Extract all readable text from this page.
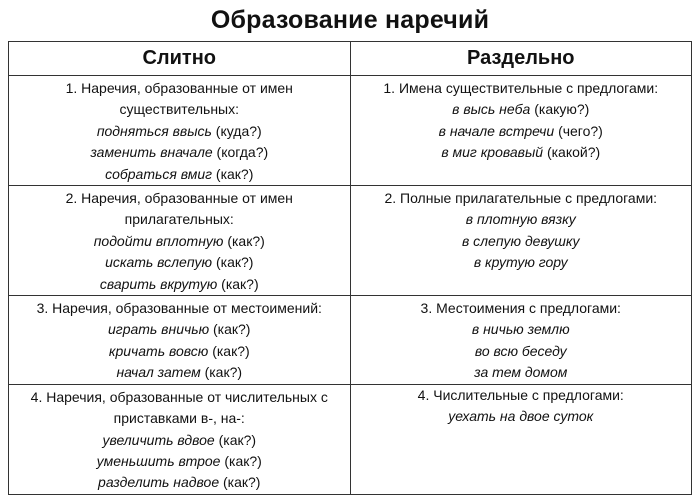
Образование наречий
Слитно	Раздельно

1. Наречия, образованные от имен
существительных:
подняться ввысь (куда?)
заменить вначале (когда?)
собраться вмиг (как?)	1. Имена существительные с предлогами:
в высь неба (какую?)
в начале встречи (чего?)
в миг кровавый (какой?)

2. Наречия, образованные от имен
прилагательных:
подойти вплотную (как?)
искать вслепую (как?)
сварить вкрутую (как?)	2. Полные прилагательные с предлогами:
в плотную вязку
в слепую девушку
в крутую гору

3. Наречия, образованные от местоимений:
играть вничью (как?)
кричать вовсю (как?)
начал затем (как?)	3. Местоимения с предлогами:
в ничью землю
во всю беседу
за тем домом

4. Наречия, образованные от числительных с
приставками в-, на-:
увеличить вдвое (как?)
уменьшить втрое (как?)
разделить надвое (как?)	4. Числительные с предлогами:
уехать на двое суток
